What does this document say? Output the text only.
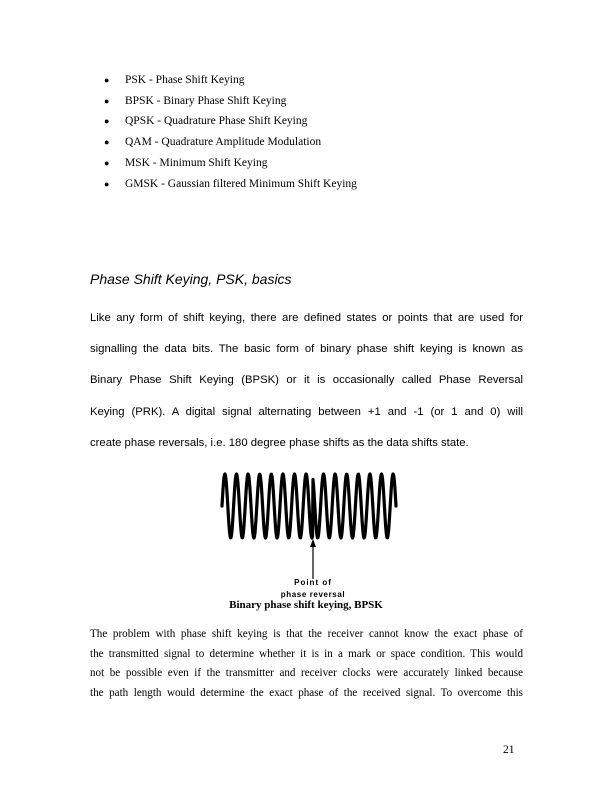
● PSK - Phase Shift Keying
● BPSK - Binary Phase Shift Keying
● QPSK - Quadrature Phase Shift Keying
● QAM - Quadrature Amplitude Modulation
● MSK - Minimum Shift Keying
● GMSK - Gaussian filtered Minimum Shift Keying
Phase Shift Keying, PSK, basics

Like any form of shift keying, there are defined states or points that are used for
signalling the data bits. The basic form of binary phase shift keying is known as
Binary Phase Shift Keying (BPSK) or it is occasionally called Phase Reversal
Keying (PRK). A digital signal alternating between +1 and -1 (or 1 and 0) will
create phase reversals, i.e. 180 degree phase shifts as the data shifts state.

Point of
phase reversal
Binary phase shift keying, BPSK

The problem with phase shift keying is that the receiver cannot know the exact phase of
the transmitted signal to determine whether it is in a mark or space condition. This would
not be possible even if the transmitter and receiver clocks were accurately linked because
the path length would determine the exact phase of the received signal. To overcome this

21
